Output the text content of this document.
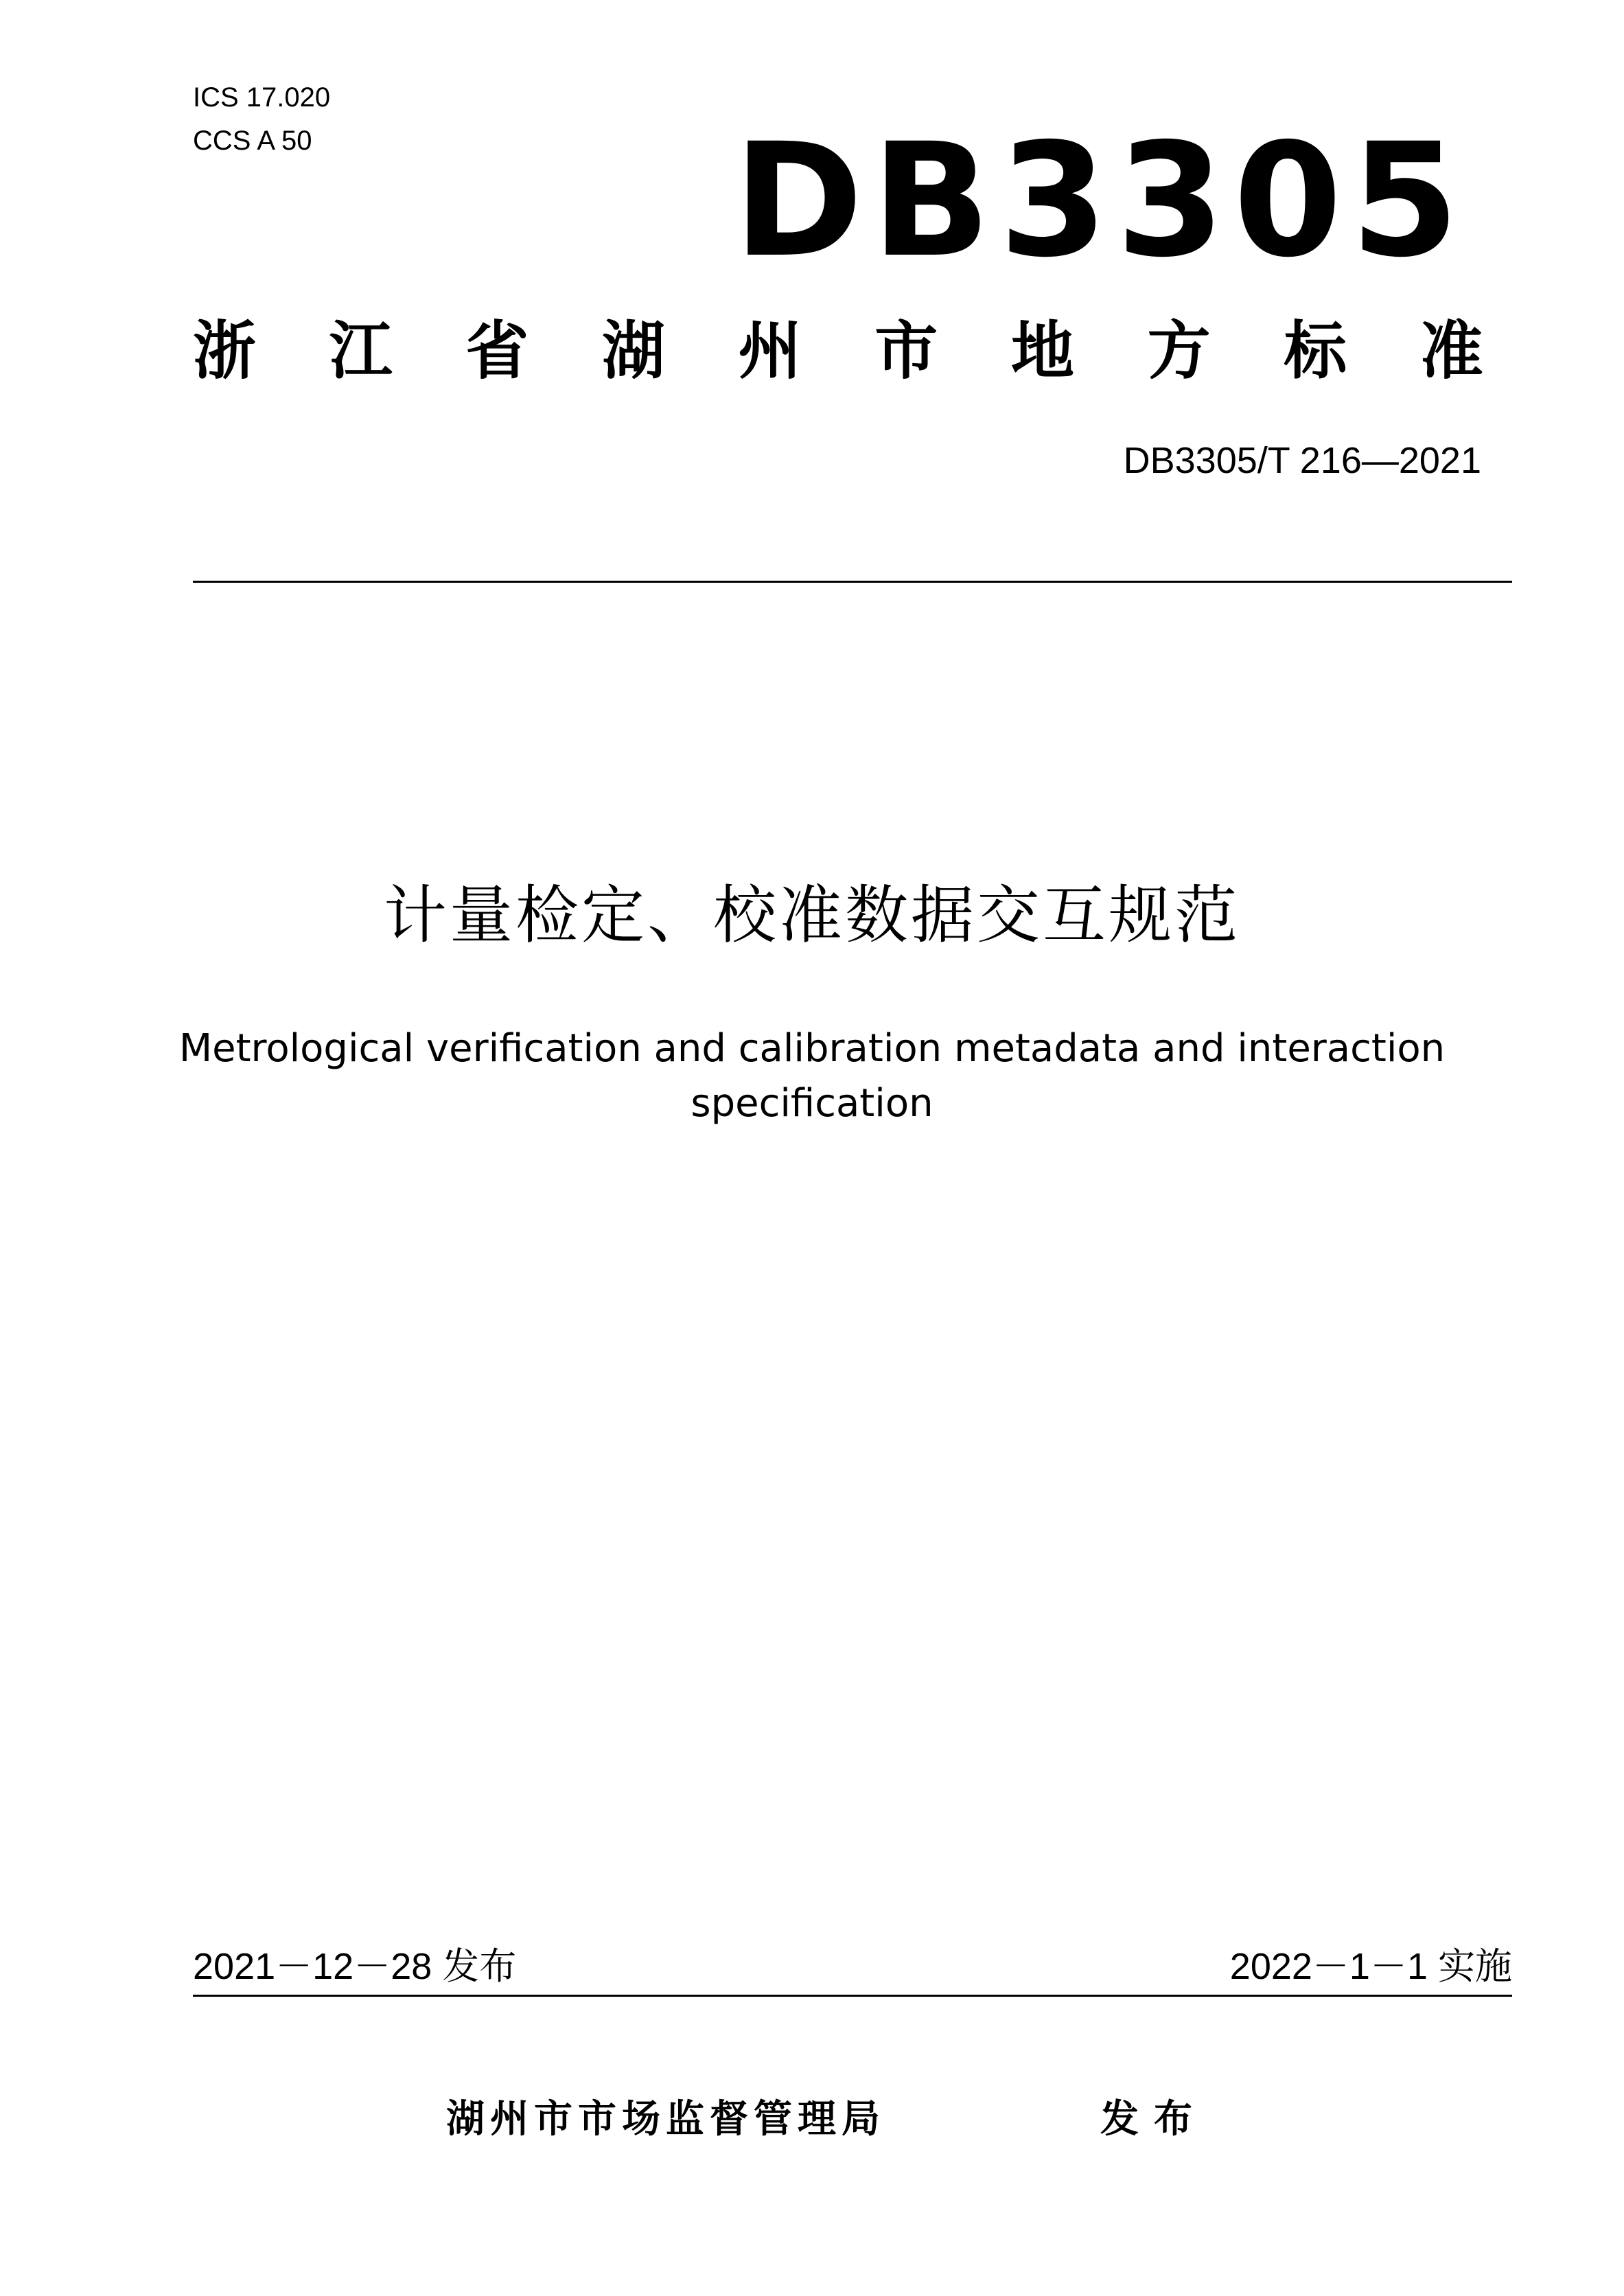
ICS 17.020
CCS A 50	DB3305
浙 江 省 湖 州 市 地 方 标 准
DB3305/T 216—2021
计量检定、校准数据交互规范
Metrological verification and calibration metadata and interaction specification
2021－12－28 发布	2022－1－1 实施
湖州市市场监督管理局	发布
